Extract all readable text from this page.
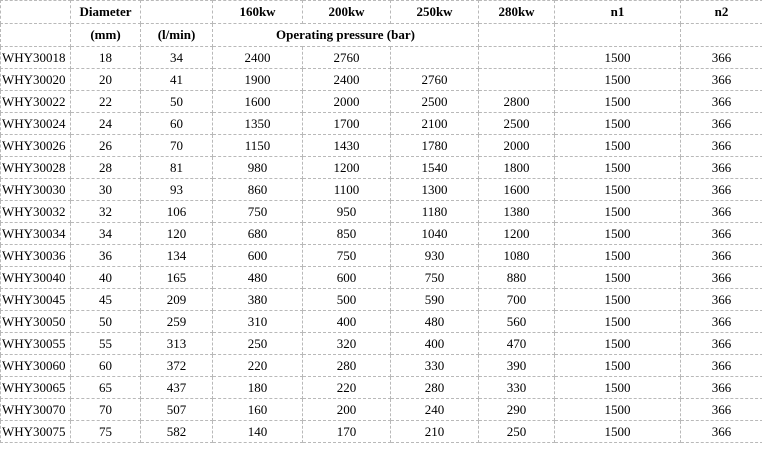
	Diameter		160kw	200kw	250kw	280kw	n1	n2
	(mm)	(l/min)	Operating pressure (bar)					
WHY30018	18	34	2400	2760			1500	366
WHY30020	20	41	1900	2400	2760		1500	366
WHY30022	22	50	1600	2000	2500	2800	1500	366
WHY30024	24	60	1350	1700	2100	2500	1500	366
WHY30026	26	70	1150	1430	1780	2000	1500	366
WHY30028	28	81	980	1200	1540	1800	1500	366
WHY30030	30	93	860	1100	1300	1600	1500	366
WHY30032	32	106	750	950	1180	1380	1500	366
WHY30034	34	120	680	850	1040	1200	1500	366
WHY30036	36	134	600	750	930	1080	1500	366
WHY30040	40	165	480	600	750	880	1500	366
WHY30045	45	209	380	500	590	700	1500	366
WHY30050	50	259	310	400	480	560	1500	366
WHY30055	55	313	250	320	400	470	1500	366
WHY30060	60	372	220	280	330	390	1500	366
WHY30065	65	437	180	220	280	330	1500	366
WHY30070	70	507	160	200	240	290	1500	366
WHY30075	75	582	140	170	210	250	1500	366
